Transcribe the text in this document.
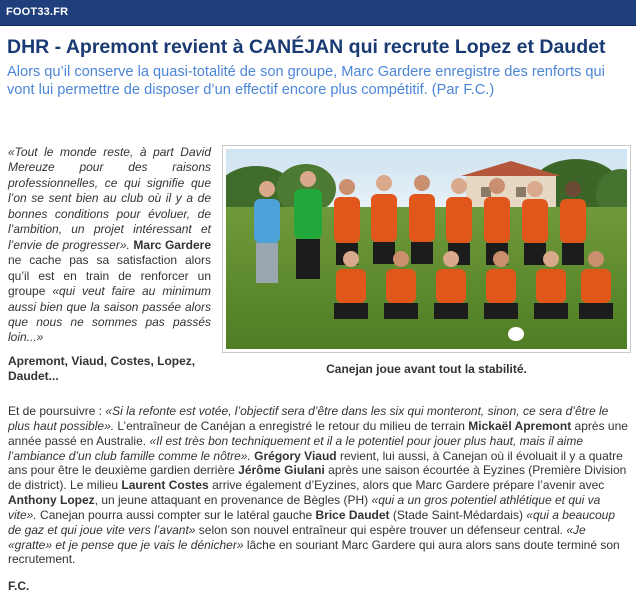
FOOT33.FR
DHR - Apremont revient à CANÉJAN qui recrute Lopez et Daudet

Alors qu’il conserve la quasi-totalité de son groupe, Marc Gardere enregistre des renforts qui vont lui permettre de disposer d’un effectif encore plus compétitif. (Par F.C.)

«Tout le monde reste, à part David Mereuze pour des raisons professionnelles, ce qui signifie que l’on se sent bien au club où il y a de bonnes conditions pour évoluer, de l’ambition, un projet intéressant et l’envie de progresser». Marc Gardere ne cache pas sa satisfaction alors qu’il est en train de renforcer un groupe «qui veut faire au minimum aussi bien que la saison passée alors que nous ne sommes pas passés loin...»
Apremont, Viaud, Costes, Lopez, Daudet...	Canejan joue avant tout la stabilité.
Et de poursuivre : «Si la refonte est votée, l’objectif sera d’être dans les six qui monteront, sinon, ce sera d’être le plus haut possible». L’entraîneur de Canéjan a enregistré le retour du milieu de terrain Mickaël Apremont après une année passé en Australie. «Il est très bon techniquement et il a le potentiel pour jouer plus haut, mais il aime l’ambiance d’un club famille comme le nôtre». Grégory Viaud revient, lui aussi, à Canejan où il évoluait il y a quatre ans pour être le deuxième gardien derrière Jérôme Giulani après une saison écourtée à Eyzines (Première Division de district). Le milieu Laurent Costes arrive également d’Eyzines, alors que Marc Gardere prépare l’avenir avec Anthony Lopez, un jeune attaquant en provenance de Bègles (PH) «qui a un gros potentiel athlétique et qui va vite». Canejan pourra aussi compter sur le latéral gauche Brice Daudet (Stade Saint-Médardais) «qui a beaucoup de gaz et qui joue vite vers l’avant» selon son nouvel entraîneur qui espère trouver un défenseur central. «Je «gratte» et je pense que je vais le dénicher» lâche en souriant Marc Gardere qui aura alors sans doute terminé son recrutement.
F.C.
